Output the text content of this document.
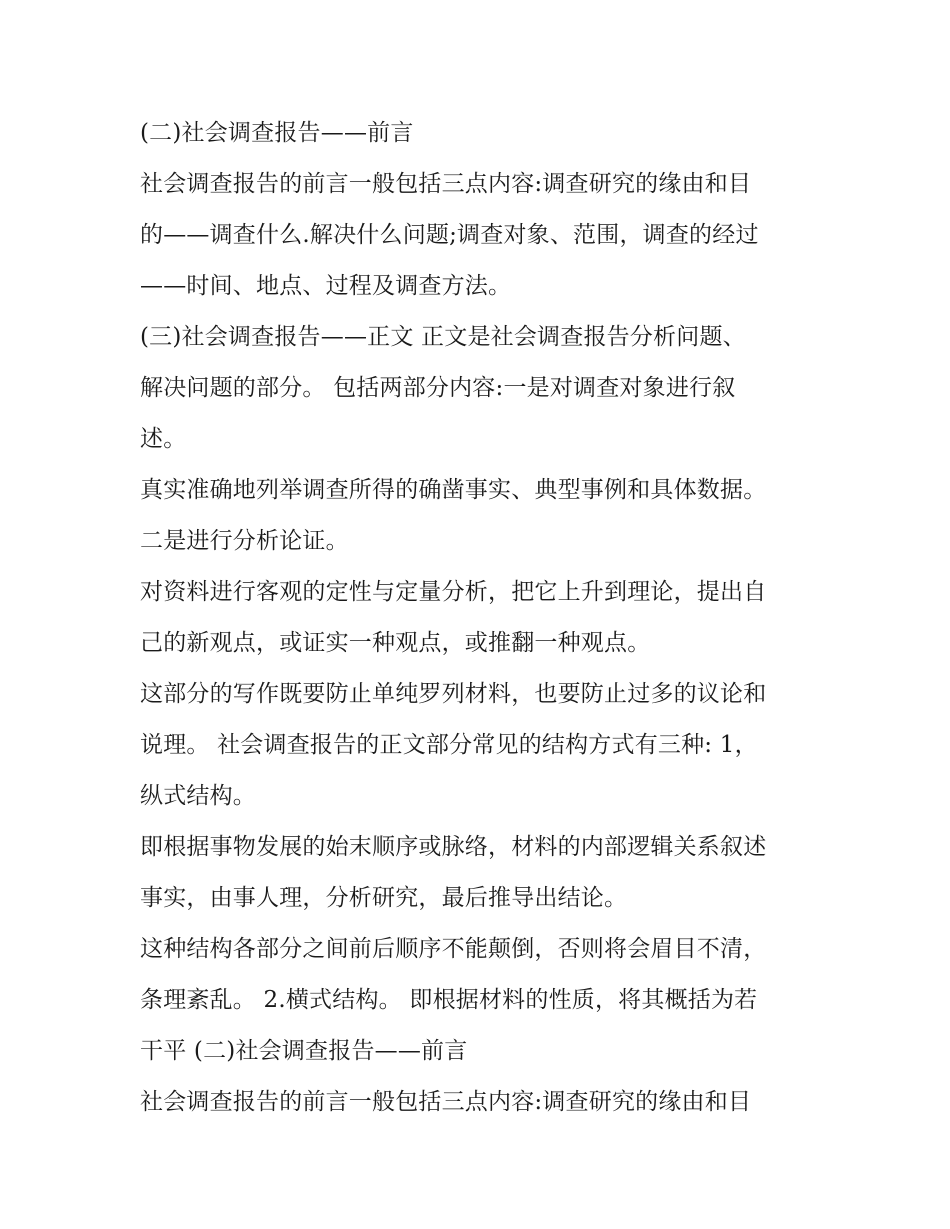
(二)社会调查报告——前言
社会调查报告的前言一般包括三点内容:调查研究的缘由和目
的——调查什么.解决什么问题;调查对象、范围，调查的经过
——时间、地点、过程及调查方法。
(三)社会调查报告——正文 正文是社会调查报告分析问题、
解决问题的部分。 包括两部分内容:一是对调查对象进行叙
述。
真实准确地列举调查所得的确凿事实、典型事例和具体数据。
二是进行分析论证。
对资料进行客观的定性与定量分析，把它上升到理论，提出自
己的新观点，或证实一种观点，或推翻一种观点。
这部分的写作既要防止单纯罗列材料，也要防止过多的议论和
说理。 社会调查报告的正文部分常见的结构方式有三种: 1，
纵式结构。
即根据事物发展的始末顺序或脉络，材料的内部逻辑关系叙述
事实，由事人理，分析研究，最后推导出结论。
这种结构各部分之间前后顺序不能颠倒，否则将会眉目不清，
条理紊乱。 2.横式结构。 即根据材料的性质，将其概括为若
干平 (二)社会调查报告——前言
社会调查报告的前言一般包括三点内容:调查研究的缘由和目
